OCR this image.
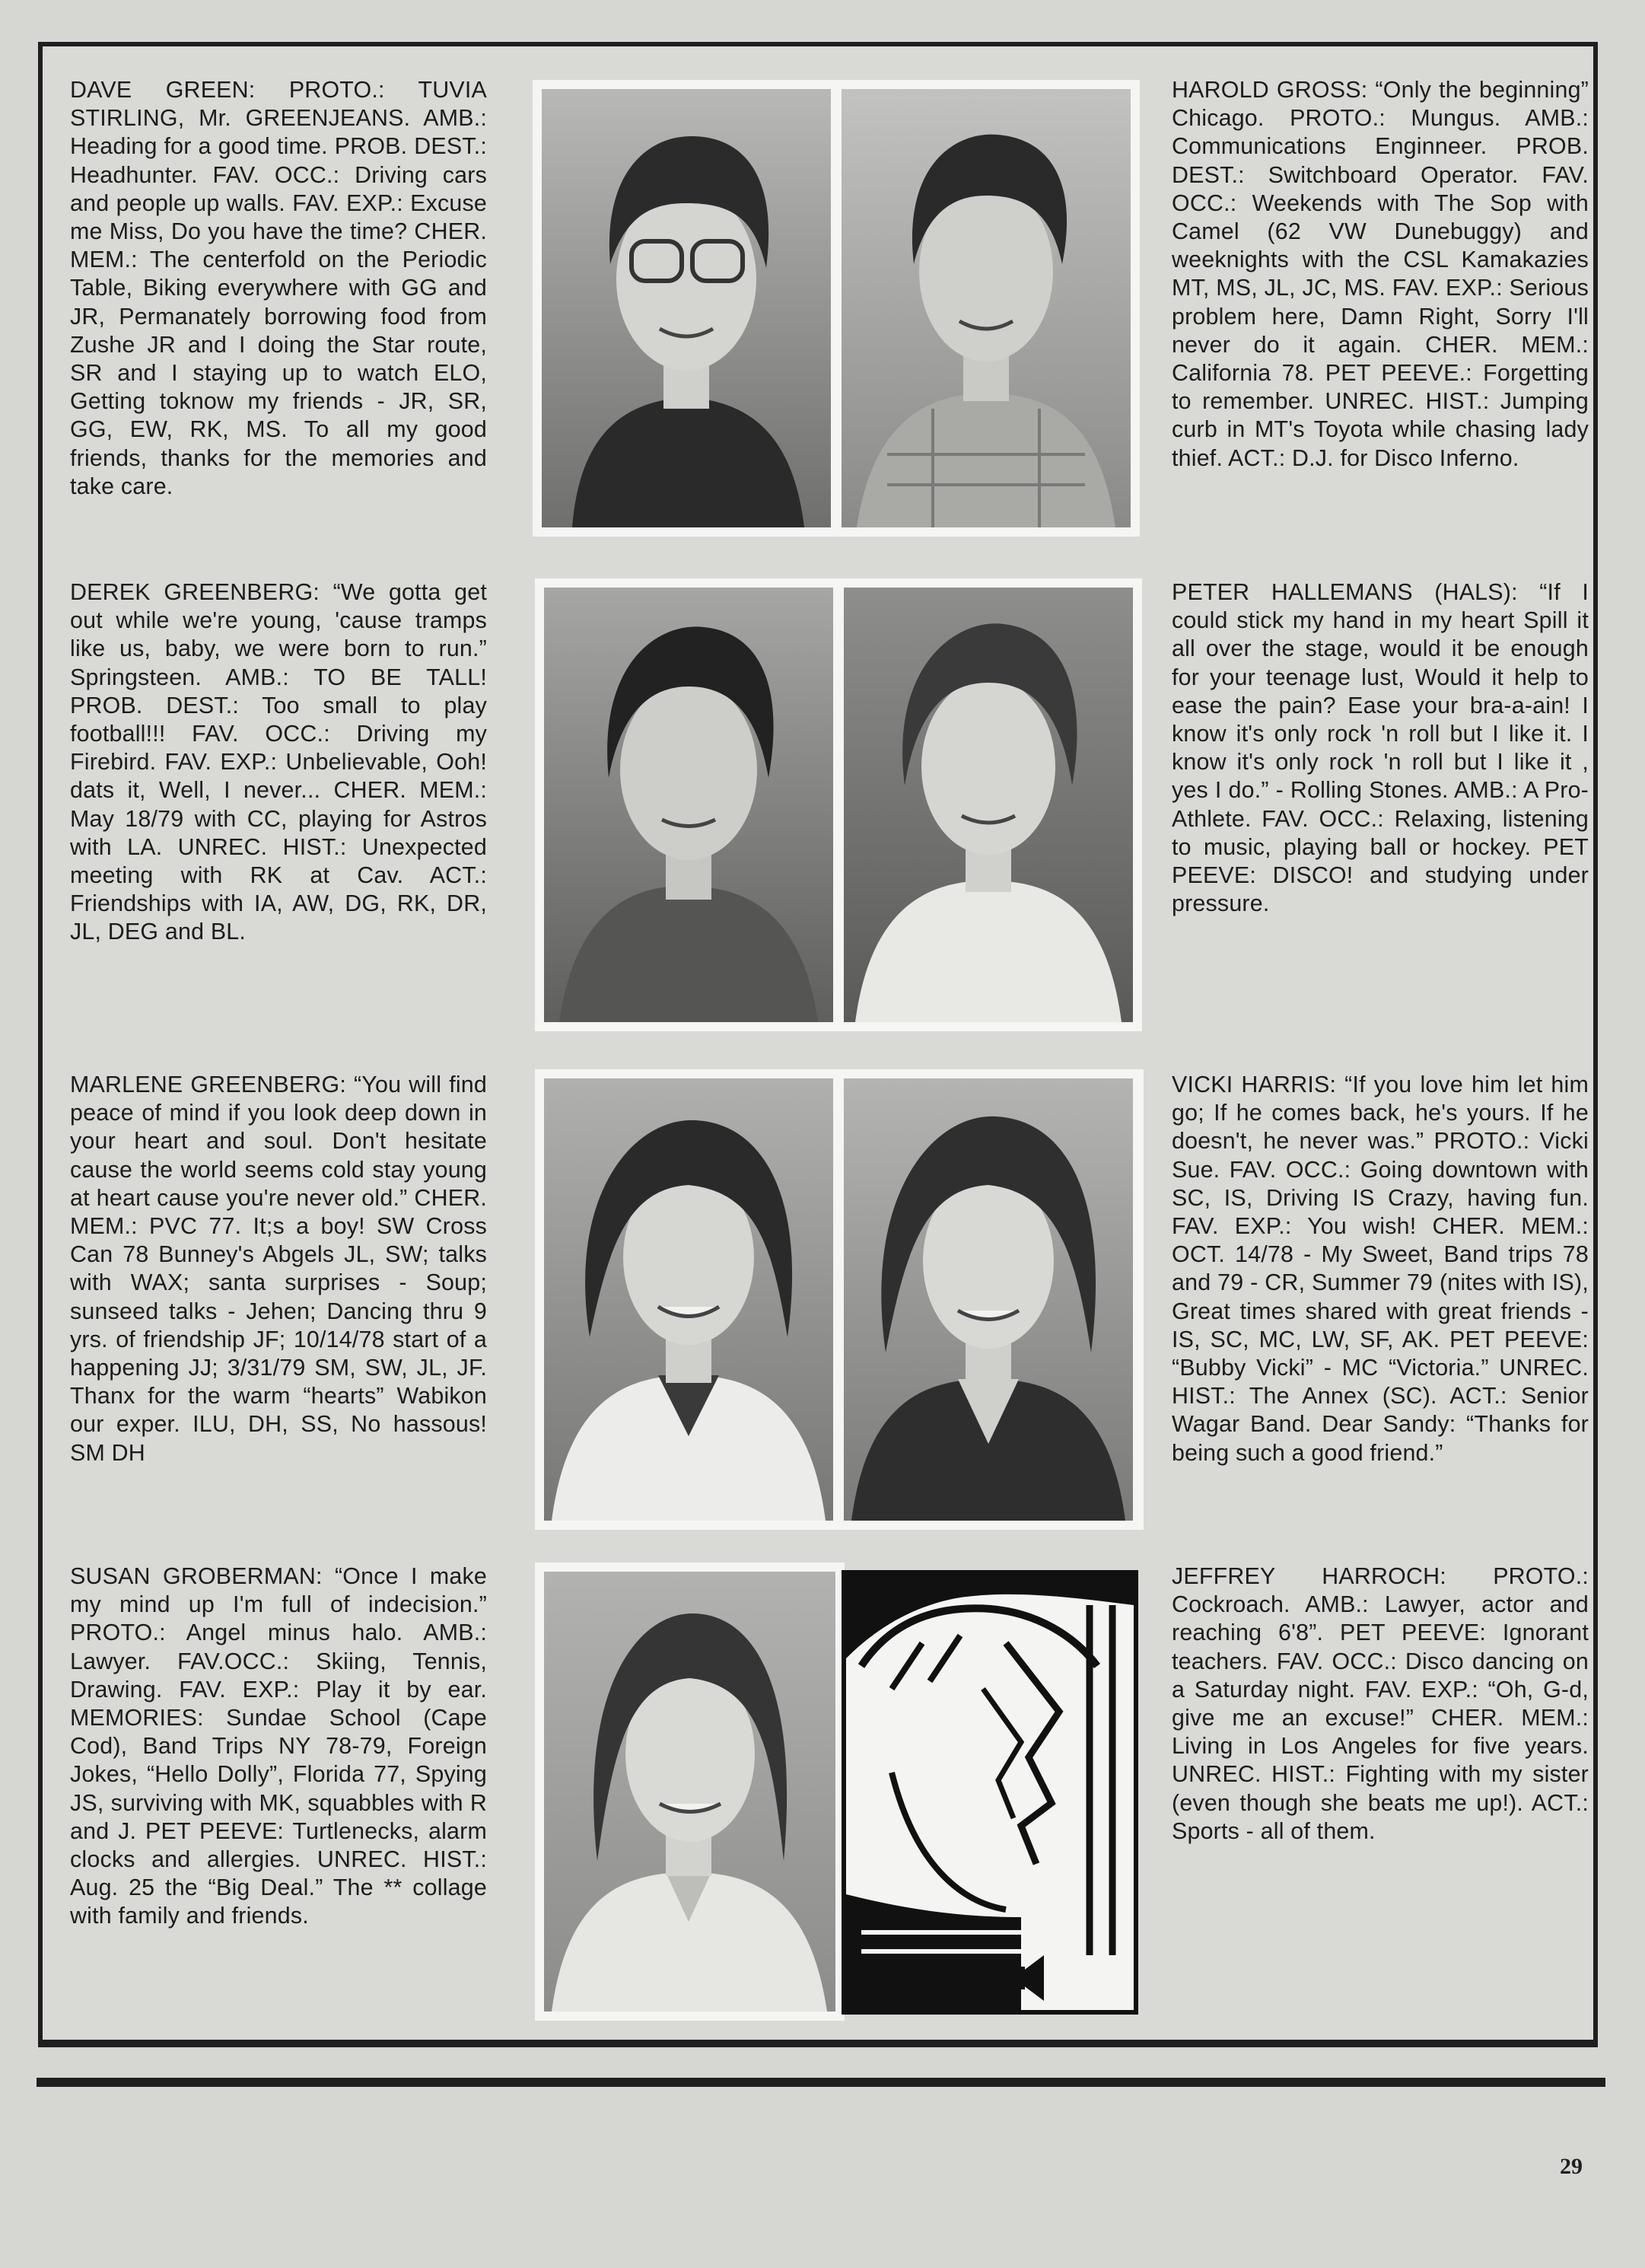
DAVE GREEN: PROTO.: TUVIA STIRLING, Mr. GREENJEANS. AMB.: Heading for a good time. PROB. DEST.: Headhunter. FAV. OCC.: Driving cars and people up walls. FAV. EXP.: Excuse me Miss, Do you have the time? CHER. MEM.: The centerfold on the Periodic Table, Biking everywhere with GG and JR, Permanately borrowing food from Zushe JR and I doing the Star route, SR and I staying up to watch ELO, Getting toknow my friends - JR, SR, GG, EW, RK, MS. To all my good friends, thanks for the memories and take care.
HAROLD GROSS: “Only the beginning” Chicago. PROTO.: Mungus. AMB.: Communications Enginneer. PROB. DEST.: Switchboard Operator. FAV. OCC.: Weekends with The Sop with Camel (62 VW Dunebuggy) and weeknights with the CSL Kamakazies MT, MS, JL, JC, MS. FAV. EXP.: Serious problem here, Damn Right, Sorry I'll never do it again. CHER. MEM.: California 78. PET PEEVE.: Forgetting to remember. UNREC. HIST.: Jumping curb in MT's Toyota while chasing lady thief. ACT.: D.J. for Disco Inferno.
DEREK GREENBERG: “We gotta get out while we're young, 'cause tramps like us, baby, we were born to run.” Springsteen. AMB.: TO BE TALL! PROB. DEST.: Too small to play football!!! FAV. OCC.: Driving my Firebird. FAV. EXP.: Unbelievable, Ooh! dats it, Well, I never... CHER. MEM.: May 18/79 with CC, playing for Astros with LA. UNREC. HIST.: Unexpected meeting with RK at Cav. ACT.: Friendships with IA, AW, DG, RK, DR, JL, DEG and BL.
PETER HALLEMANS (HALS): “If I could stick my hand in my heart Spill it all over the stage, would it be enough for your teenage lust, Would it help to ease the pain? Ease your bra-a-ain! I know it's only rock 'n roll but I like it. I know it's only rock 'n roll but I like it , yes I do.” - Rolling Stones. AMB.: A Pro-Athlete. FAV. OCC.: Relaxing, listening to music, playing ball or hockey. PET PEEVE: DISCO! and studying under pressure.
MARLENE GREENBERG: “You will find peace of mind if you look deep down in your heart and soul. Don't hesitate cause the world seems cold stay young at heart cause you're never old.” CHER. MEM.: PVC 77. It;s a boy! SW Cross Can 78 Bunney's Abgels JL, SW; talks with WAX; santa surprises - Soup; sunseed talks - Jehen; Dancing thru 9 yrs. of friendship JF; 10/14/78 start of a happening JJ; 3/31/79 SM, SW, JL, JF. Thanx for the warm “hearts” Wabikon our exper. ILU, DH, SS, No hassous! SM DH
VICKI HARRIS: “If you love him let him go; If he comes back, he's yours. If he doesn't, he never was.” PROTO.: Vicki Sue. FAV. OCC.: Going downtown with SC, IS, Driving IS Crazy, having fun. FAV. EXP.: You wish! CHER. MEM.: OCT. 14/78 - My Sweet, Band trips 78 and 79 - CR, Summer 79 (nites with IS), Great times shared with great friends - IS, SC, MC, LW, SF, AK. PET PEEVE: “Bubby Vicki” - MC “Victoria.” UNREC. HIST.: The Annex (SC). ACT.: Senior Wagar Band. Dear Sandy: “Thanks for being such a good friend.”
SUSAN GROBERMAN: “Once I make my mind up I'm full of indecision.” PROTO.: Angel minus halo. AMB.: Lawyer. FAV.OCC.: Skiing, Tennis, Drawing. FAV. EXP.: Play it by ear. MEMORIES: Sundae School (Cape Cod), Band Trips NY 78-79, Foreign Jokes, “Hello Dolly”, Florida 77, Spying JS, surviving with MK, squabbles with R and J. PET PEEVE: Turtlenecks, alarm clocks and allergies. UNREC. HIST.: Aug. 25 the “Big Deal.” The ** collage with family and friends.
JEFFREY HARROCH: PROTO.: Cockroach. AMB.: Lawyer, actor and reaching 6'8”. PET PEEVE: Ignorant teachers. FAV. OCC.: Disco dancing on a Saturday night. FAV. EXP.: “Oh, G-d, give me an excuse!” CHER. MEM.: Living in Los Angeles for five years. UNREC. HIST.: Fighting with my sister (even though she beats me up!). ACT.: Sports - all of them.
29
